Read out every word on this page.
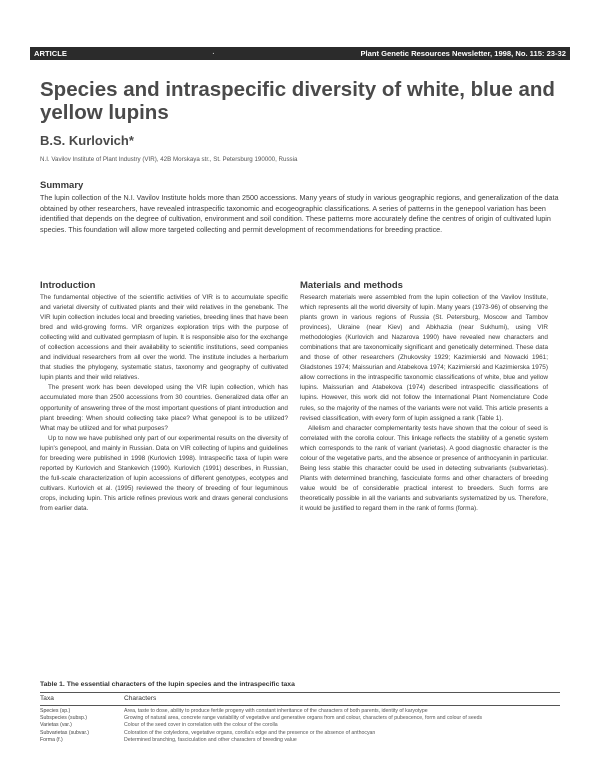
ARTICLE	·	Plant Genetic Resources Newsletter, 1998, No. 115: 23-32
Species and intraspecific diversity of white, blue and yellow lupins

B.S. Kurlovich*

N.I. Vavilov Institute of Plant Industry (VIR), 42B Morskaya str., St. Petersburg 190000, Russia

Summary

The lupin collection of the N.I. Vavilov Institute holds more than 2500 accessions. Many years of study in various geographic regions, and generalization of the data obtained by other researchers, have revealed intraspecific taxonomic and ecogeographic classifications. A series of patterns in the genepool variation has been identified that depends on the degree of cultivation, environment and soil condition. These patterns more accurately define the centres of origin of cultivated lupin species. This foundation will allow more targeted collecting and permit development of recommendations for breeding practice.

Introduction

The fundamental objective of the scientific activities of VIR is to accumulate specific and varietal diversity of cultivated plants and their wild relatives in the genebank. The VIR lupin collection includes local and breeding varieties, breeding lines that have been bred and wild-growing forms. VIR organizes exploration trips with the purpose of collecting wild and cultivated germplasm of lupin. It is responsible also for the exchange of collection accessions and their availability to scientific institutions, seed companies and individual researchers from all over the world. The institute includes a herbarium that studies the phylogeny, systematic status, taxonomy and geography of cultivated lupin plants and their wild relatives.

The present work has been developed using the VIR lupin collection, which has accumulated more than 2500 accessions from 30 countries. Generalized data offer an opportunity of answering three of the most important questions of plant introduction and plant breeding: When should collecting take place? What genepool is to be utilized? What may be utilized and for what purposes?

Up to now we have published only part of our experimental results on the diversity of lupin's genepool, and mainly in Russian. Data on VIR collecting of lupins and guidelines for breeding were published in 1998 (Kurlovich 1998). Intraspecific taxa of lupin were reported by Kurlovich and Stankevich (1990). Kurlovich (1991) describes, in Russian, the full-scale characterization of lupin accessions of different genotypes, ecotypes and cultivars. Kurlovich et al. (1995) reviewed the theory of breeding of four leguminous crops, including lupin. This article refines previous work and draws general conclusions from earlier data.

Materials and methods

Research materials were assembled from the lupin collection of the Vavilov Institute, which represents all the world diversity of lupin. Many years (1973-96) of observing the plants grown in various regions of Russia (St. Petersburg, Moscow and Tambov provinces), Ukraine (near Kiev) and Abkhazia (near Sukhumi), using VIR methodologies (Kurlovich and Nazarova 1990) have revealed new characters and combinations that are taxonomically significant and genetically determined. These data and those of other researchers (Zhukovsky 1929; Kazimierski and Nowacki 1961; Gladstones 1974; Maissurian and Atabekova 1974; Kazimierski and Kazimierska 1975) allow corrections in the intraspecific taxonomic classifications of white, blue and yellow lupins. Maissurian and Atabekova (1974) described intraspecific classifications of lupins. However, this work did not follow the International Plant Nomenclature Code rules, so the majority of the names of the variants were not valid. This article presents a revised classification, with every form of lupin assigned a rank (Table 1).

Allelism and character complementarity tests have shown that the colour of seed is correlated with the corolla colour. This linkage reflects the stability of a genetic system which corresponds to the rank of variant (varietas). A good diagnostic character is the colour of the vegetative parts, and the absence or presence of anthocyanin in particular. Being less stable this character could be used in detecting subvariants (subvarietas). Plants with determined branching, fasciculate forms and other characters of breeding value would be of considerable practical interest to breeders. Such forms are theoretically possible in all the variants and subvariants systematized by us. Therefore, it would be justified to regard them in the rank of forms (forma).

Table 1. The essential characters of the lupin species and the intraspecific taxa

Taxa	Characters
Species (sp.)	Area, taste to dose, ability to produce fertile progeny with constant inheritance of the characters of both parents, identity of karyotype
Subspecies (subsp.)	Growing of natural area, concrete range variability of vegetative and generative organs from and colour, characters of pubescence, form and colour of seeds
Varietas (var.)	Colour of the seed cover in correlation with the colour of the corolla
Subvarietas (subvar.)	Coloration of the cotyledons, vegetative organs, corolla's edge and the presence or the absence of anthocyan
Forma (f.)	Determined branching, fasciculation and other characters of breeding value
